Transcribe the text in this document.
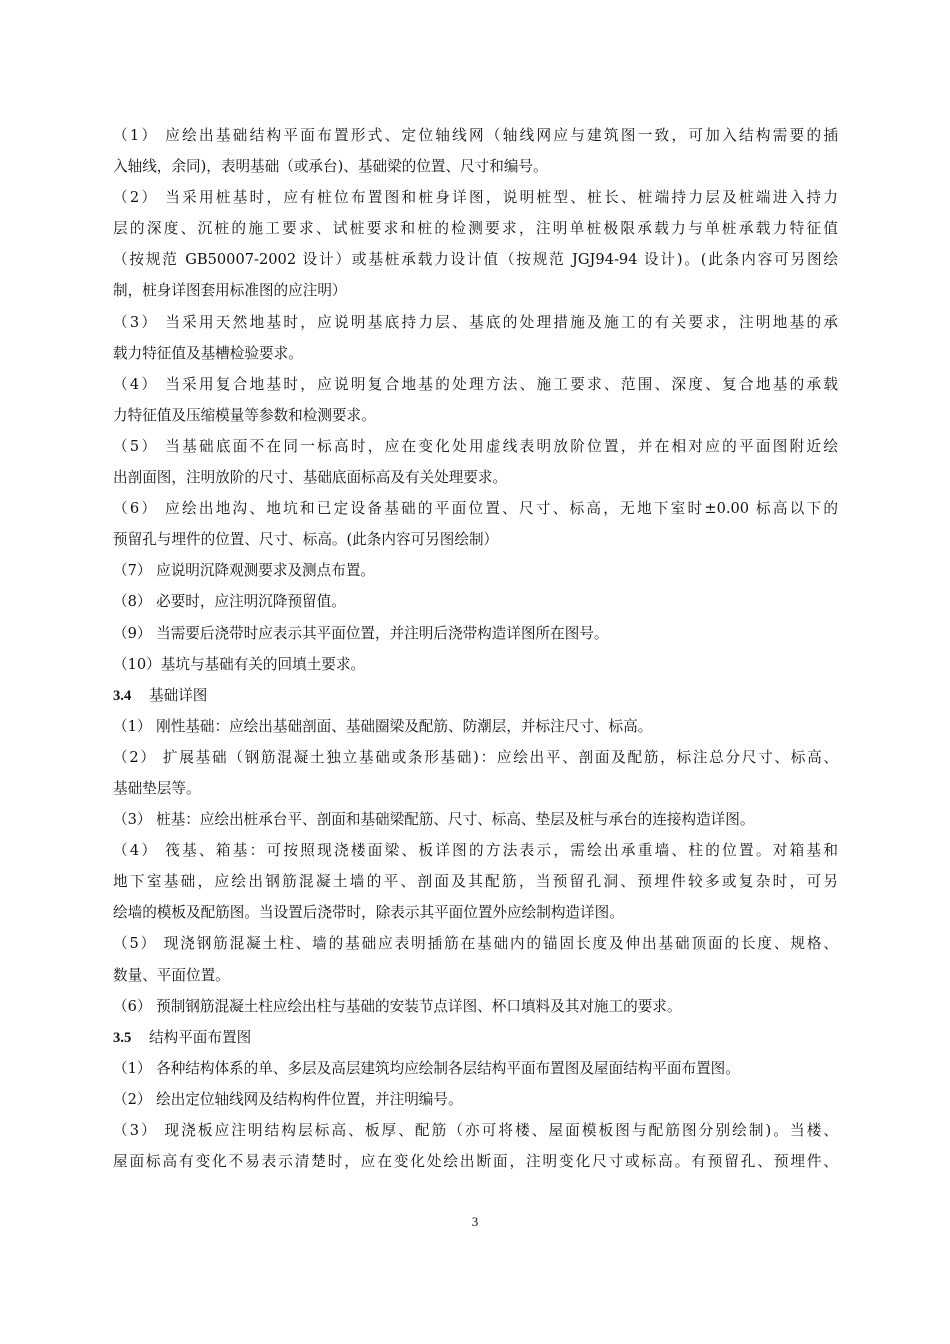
（1） 应绘出基础结构平面布置形式、定位轴线网（轴线网应与建筑图一致，可加入结构需要的插
入轴线，余同)，表明基础（或承台)、基础梁的位置、尺寸和编号。
（2） 当采用桩基时，应有桩位布置图和桩身详图，说明桩型、桩长、桩端持力层及桩端进入持力
层的深度、沉桩的施工要求、试桩要求和桩的检测要求，注明单桩极限承载力与单桩承载力特征值
（按规范 GB50007-2002 设计）或基桩承载力设计值（按规范 JGJ94-94 设计)。(此条内容可另图绘
制，桩身详图套用标准图的应注明）
（3） 当采用天然地基时，应说明基底持力层、基底的处理措施及施工的有关要求，注明地基的承
载力特征值及基槽检验要求。
（4） 当采用复合地基时，应说明复合地基的处理方法、施工要求、范围、深度、复合地基的承载
力特征值及压缩模量等参数和检测要求。
（5） 当基础底面不在同一标高时，应在变化处用虚线表明放阶位置，并在相对应的平面图附近绘
出剖面图，注明放阶的尺寸、基础底面标高及有关处理要求。
（6） 应绘出地沟、地坑和已定设备基础的平面位置、尺寸、标高，无地下室时±0.00 标高以下的
预留孔与埋件的位置、尺寸、标高。(此条内容可另图绘制）
（7） 应说明沉降观测要求及测点布置。
（8） 必要时，应注明沉降预留值。
（9） 当需要后浇带时应表示其平面位置，并注明后浇带构造详图所在图号。
（10）基坑与基础有关的回填土要求。
3.4 基础详图
（1） 刚性基础：应绘出基础剖面、基础圈梁及配筋、防潮层，并标注尺寸、标高。
（2） 扩展基础（钢筋混凝土独立基础或条形基础)：应绘出平、剖面及配筋，标注总分尺寸、标高、
基础垫层等。
（3） 桩基：应绘出桩承台平、剖面和基础梁配筋、尺寸、标高、垫层及桩与承台的连接构造详图。
（4） 筏基、箱基：可按照现浇楼面梁、板详图的方法表示，需绘出承重墙、柱的位置。对箱基和
地下室基础，应绘出钢筋混凝土墙的平、剖面及其配筋，当预留孔洞、预埋件较多或复杂时，可另
绘墙的模板及配筋图。当设置后浇带时，除表示其平面位置外应绘制构造详图。
（5） 现浇钢筋混凝土柱、墙的基础应表明插筋在基础内的锚固长度及伸出基础顶面的长度、规格、
数量、平面位置。
（6） 预制钢筋混凝土柱应绘出柱与基础的安装节点详图、杯口填料及其对施工的要求。
3.5 结构平面布置图
（1） 各种结构体系的单、多层及高层建筑均应绘制各层结构平面布置图及屋面结构平面布置图。
（2） 绘出定位轴线网及结构构件位置，并注明编号。
（3） 现浇板应注明结构层标高、板厚、配筋（亦可将楼、屋面模板图与配筋图分别绘制)。当楼、
屋面标高有变化不易表示清楚时，应在变化处绘出断面，注明变化尺寸或标高。有预留孔、预埋件、
3
